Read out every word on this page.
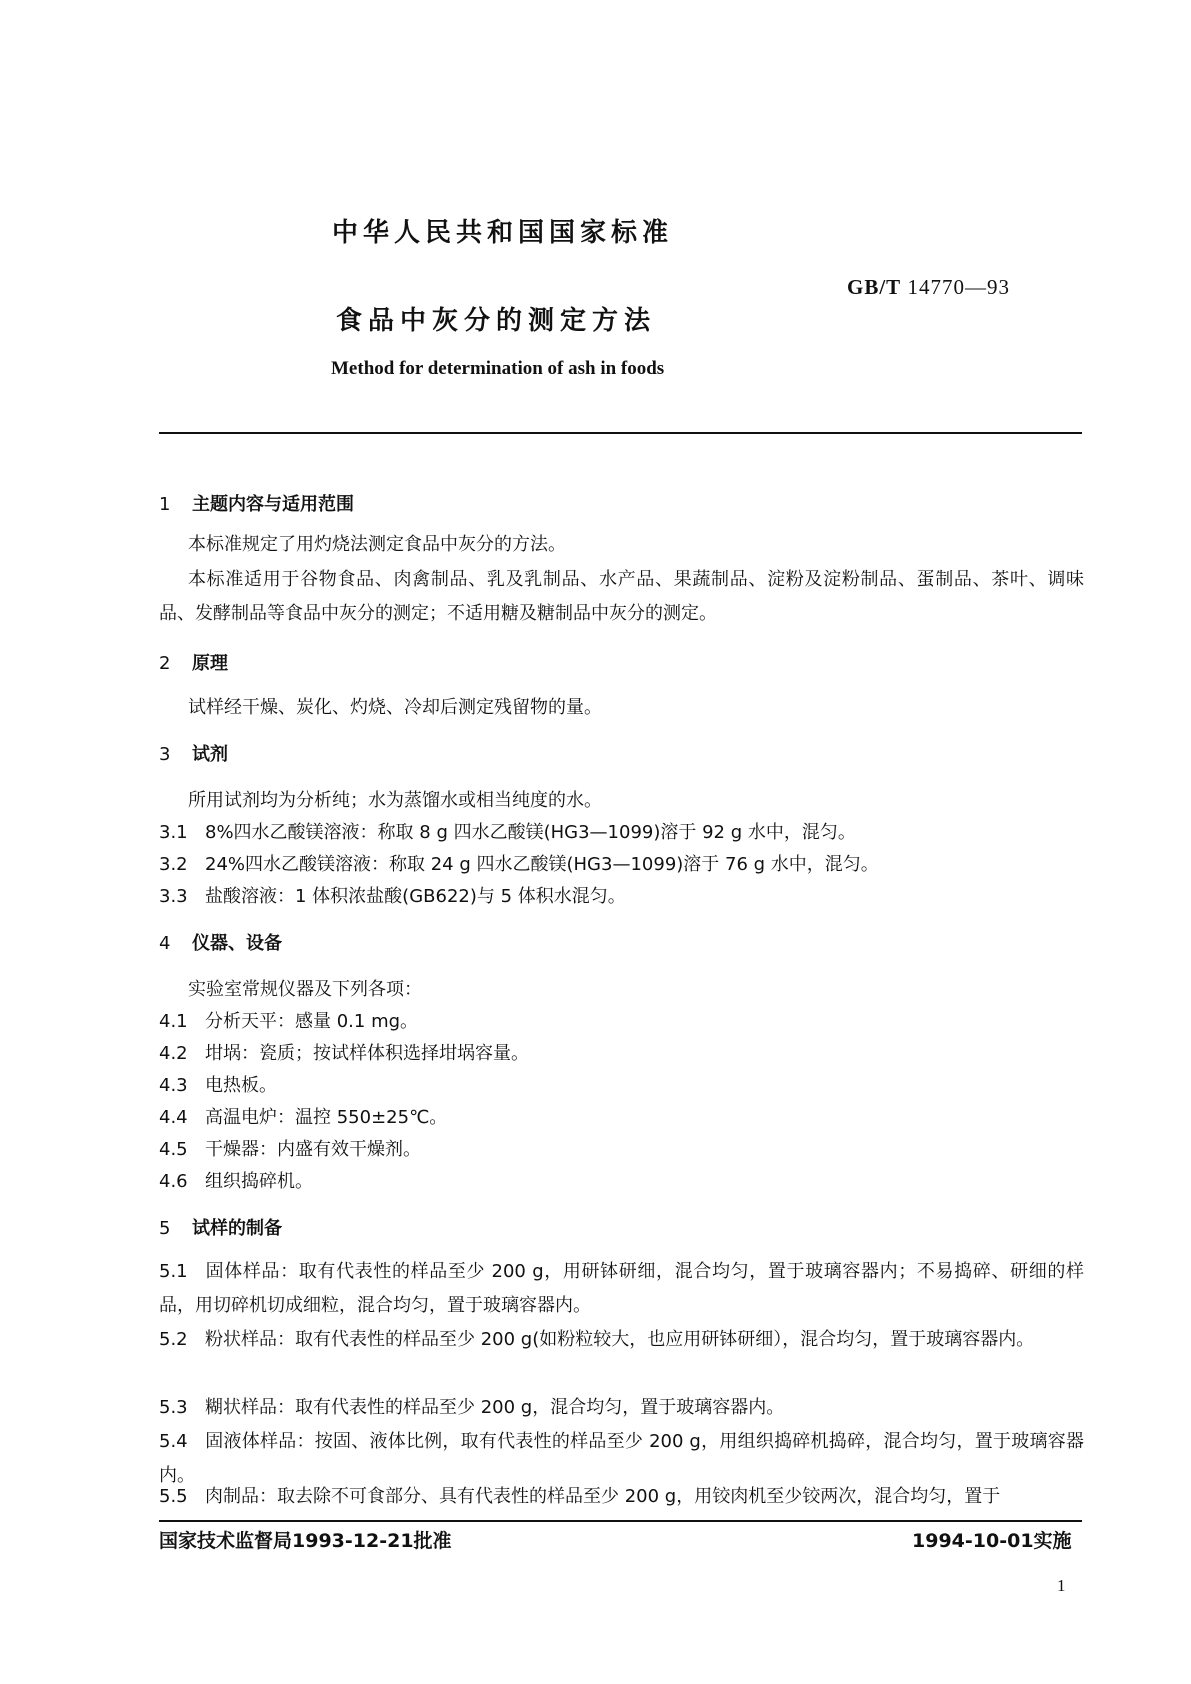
中华人民共和国国家标准
GB/T 14770—93
食品中灰分的测定方法
Method for determination of ash in foods
1 主题内容与适用范围
本标准规定了用灼烧法测定食品中灰分的方法。
本标准适用于谷物食品、肉禽制品、乳及乳制品、水产品、果蔬制品、淀粉及淀粉制品、蛋制品、茶叶、调味品、发酵制品等食品中灰分的测定；不适用糖及糖制品中灰分的测定。
2 原理
试样经干燥、炭化、灼烧、冷却后测定残留物的量。
3 试剂
所用试剂均为分析纯；水为蒸馏水或相当纯度的水。
3.1 8%四水乙酸镁溶液：称取 8 g 四水乙酸镁(HG3—1099)溶于 92 g 水中，混匀。
3.2 24%四水乙酸镁溶液：称取 24 g 四水乙酸镁(HG3—1099)溶于 76 g 水中，混匀。
3.3 盐酸溶液：1 体积浓盐酸(GB622)与 5 体积水混匀。
4 仪器、设备
实验室常规仪器及下列各项：
4.1 分析天平：感量 0.1 mg。
4.2 坩埚：瓷质；按试样体积选择坩埚容量。
4.3 电热板。
4.4 高温电炉：温控 550±25℃。
4.5 干燥器：内盛有效干燥剂。
4.6 组织捣碎机。
5 试样的制备
5.1 固体样品：取有代表性的样品至少 200 g，用研钵研细，混合均匀，置于玻璃容器内；不易捣碎、研细的样品，用切碎机切成细粒，混合均匀，置于玻璃容器内。
5.2 粉状样品：取有代表性的样品至少 200 g(如粉粒较大，也应用研钵研细），混合均匀，置于玻璃容器内。
5.3 糊状样品：取有代表性的样品至少 200 g，混合均匀，置于玻璃容器内。
5.4 固液体样品：按固、液体比例，取有代表性的样品至少 200 g，用组织捣碎机捣碎，混合均匀，置于玻璃容器内。
5.5 肉制品：取去除不可食部分、具有代表性的样品至少 200 g，用铰肉机至少铰两次，混合均匀，置于
国家技术监督局1993-12-21批准	1994-10-01实施
1
